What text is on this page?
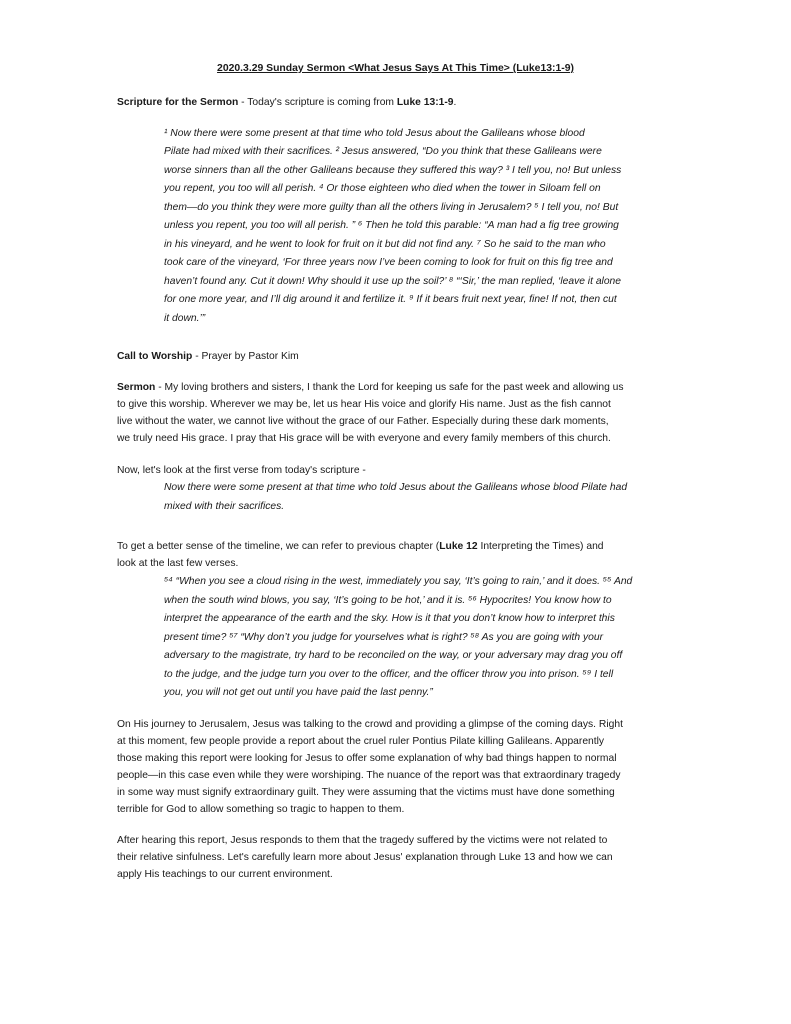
2020.3.29 Sunday Sermon <What Jesus Says At This Time> (Luke13:1-9)
Scripture for the Sermon - Today's scripture is coming from Luke 13:1-9.
¹ Now there were some present at that time who told Jesus about the Galileans whose blood
Pilate had mixed with their sacrifices. ² Jesus answered, “Do you think that these Galileans were
worse sinners than all the other Galileans because they suffered this way? ³ I tell you, no! But unless
you repent, you too will all perish. ⁴ Or those eighteen who died when the tower in Siloam fell on
them—do you think they were more guilty than all the others living in Jerusalem? ⁵ I tell you, no! But
unless you repent, you too will all perish. ” ⁶ Then he told this parable: “A man had a fig tree growing
in his vineyard, and he went to look for fruit on it but did not find any. ⁷ So he said to the man who
took care of the vineyard, ‘For three years now I’ve been coming to look for fruit on this fig tree and
haven’t found any. Cut it down! Why should it use up the soil?’ ⁸ “‘Sir,’ the man replied, ‘leave it alone
for one more year, and I’ll dig around it and fertilize it. ⁹ If it bears fruit next year, fine! If not, then cut
it down.’”
Call to Worship - Prayer by Pastor Kim
Sermon - My loving brothers and sisters, I thank the Lord for keeping us safe for the past week and allowing us
to give this worship. Wherever we may be, let us hear His voice and glorify His name. Just as the fish cannot
live without the water, we cannot live without the grace of our Father. Especially during these dark moments,
we truly need His grace. I pray that His grace will be with everyone and every family members of this church.
Now, let's look at the first verse from today's scripture -
Now there were some present at that time who told Jesus about the Galileans whose blood Pilate had
mixed with their sacrifices.
To get a better sense of the timeline, we can refer to previous chapter (Luke 12 Interpreting the Times) and
look at the last few verses.
⁵⁴ “When you see a cloud rising in the west, immediately you say, ‘It’s going to rain,’ and it does. ⁵⁵ And
when the south wind blows, you say, ‘It’s going to be hot,’ and it is. ⁵⁶ Hypocrites! You know how to
interpret the appearance of the earth and the sky. How is it that you don’t know how to interpret this
present time? ⁵⁷ “Why don’t you judge for yourselves what is right? ⁵⁸ As you are going with your
adversary to the magistrate, try hard to be reconciled on the way, or your adversary may drag you off
to the judge, and the judge turn you over to the officer, and the officer throw you into prison. ⁵⁹ I tell
you, you will not get out until you have paid the last penny.”
On His journey to Jerusalem, Jesus was talking to the crowd and providing a glimpse of the coming days. Right
at this moment, few people provide a report about the cruel ruler Pontius Pilate killing Galileans. Apparently
those making this report were looking for Jesus to offer some explanation of why bad things happen to normal
people—in this case even while they were worshiping. The nuance of the report was that extraordinary tragedy
in some way must signify extraordinary guilt. They were assuming that the victims must have done something
terrible for God to allow something so tragic to happen to them.
After hearing this report, Jesus responds to them that the tragedy suffered by the victims were not related to
their relative sinfulness. Let's carefully learn more about Jesus' explanation through Luke 13 and how we can
apply His teachings to our current environment.
